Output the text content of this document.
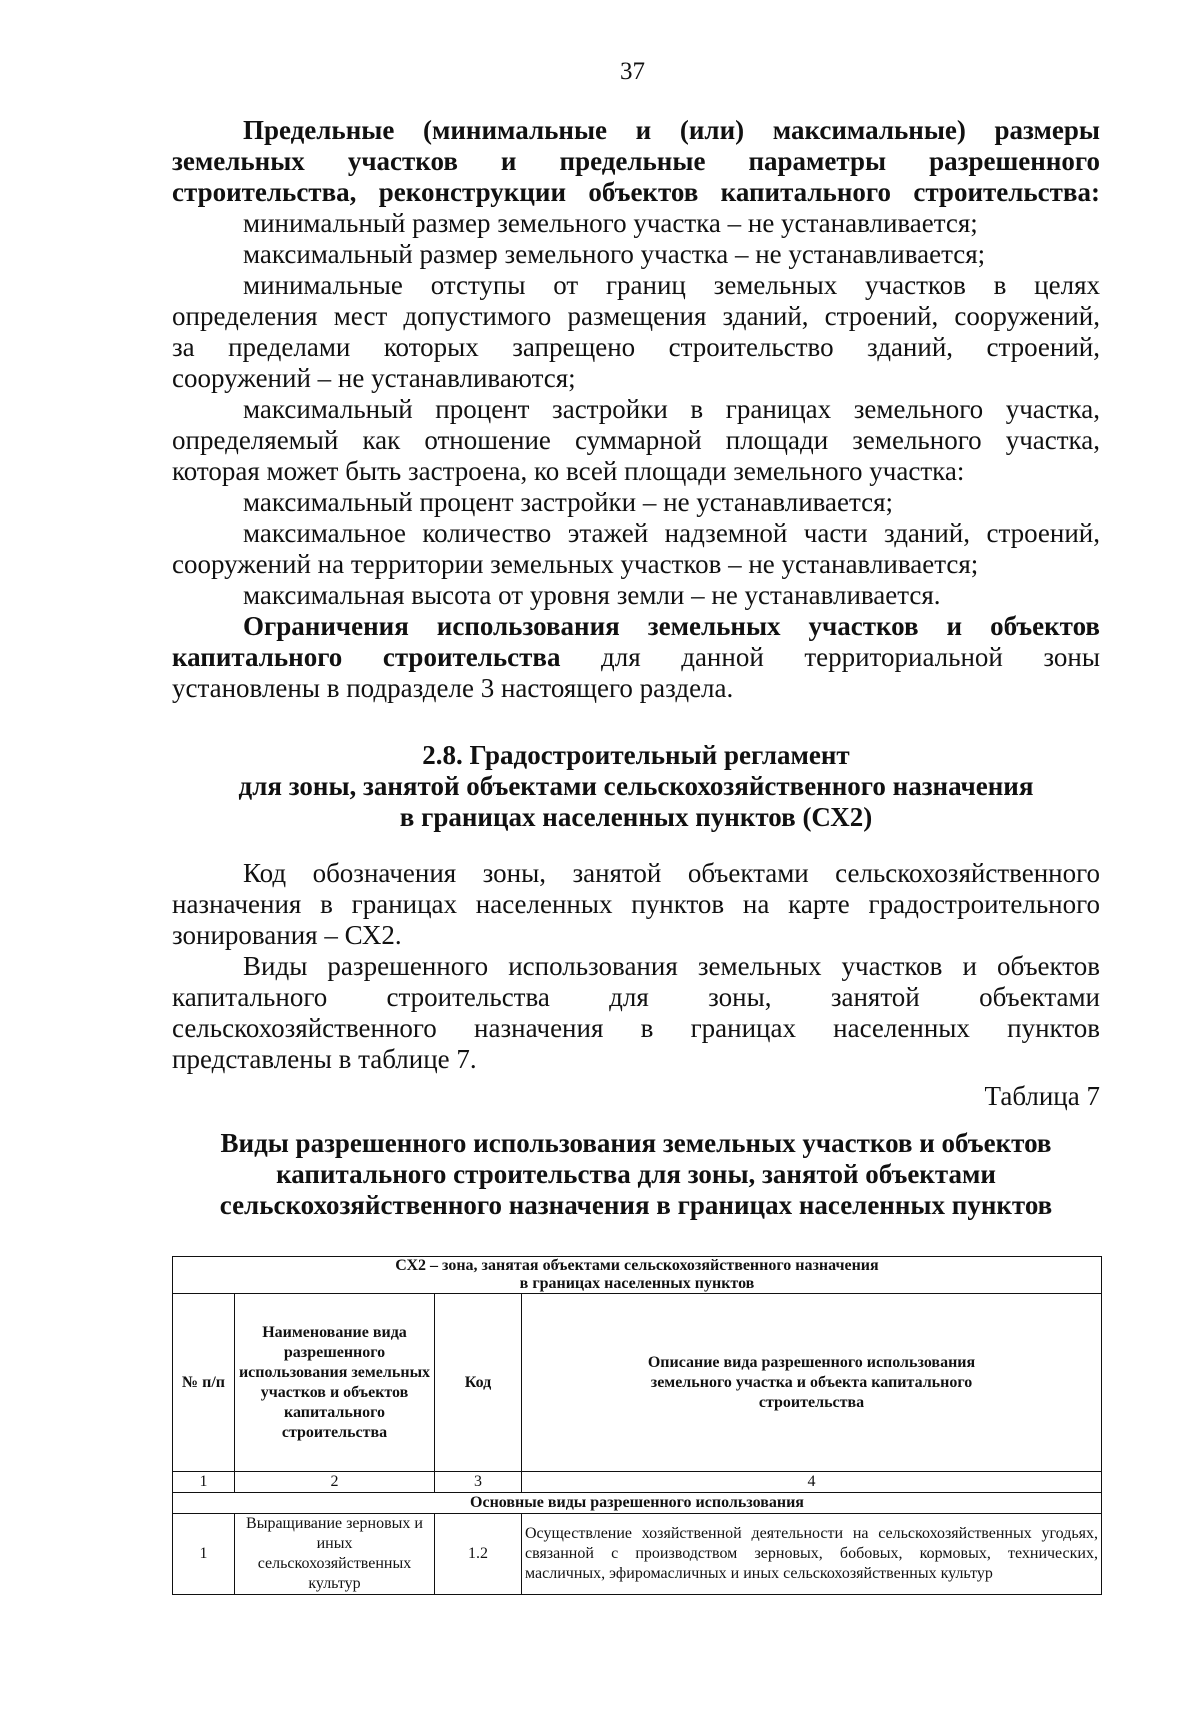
37

Предельные (минимальные и (или) максимальные) размеры

земельных участков и предельные параметры разрешенного

строительства, реконструкции объектов капитального строительства:

минимальный размер земельного участка – не устанавливается;

максимальный размер земельного участка – не устанавливается;

минимальные отступы от границ земельных участков в целях

определения мест допустимого размещения зданий, строений, сооружений,

за пределами которых запрещено строительство зданий, строений,

сооружений – не устанавливаются;

максимальный процент застройки в границах земельного участка,

определяемый как отношение суммарной площади земельного участка,

которая может быть застроена, ко всей площади земельного участка:

максимальный процент застройки – не устанавливается;

максимальное количество этажей надземной части зданий, строений,

сооружений на территории земельных участков – не устанавливается;

максимальная высота от уровня земли – не устанавливается.

Ограничения использования земельных участков и объектов

капитального строительства для данной территориальной зоны

установлены в подразделе 3 настоящего раздела.

2.8. Градостроительный регламент

для зоны, занятой объектами сельскохозяйственного назначения

в границах населенных пунктов (СХ2)

Код обозначения зоны, занятой объектами сельскохозяйственного

назначения в границах населенных пунктов на карте градостроительного

зонирования – СХ2.

Виды разрешенного использования земельных участков и объектов

капитального строительства для зоны, занятой объектами

сельскохозяйственного назначения в границах населенных пунктов

представлены в таблице 7.

Таблица 7

Виды разрешенного использования земельных участков и объектов

капитального строительства для зоны, занятой объектами

сельскохозяйственного назначения в границах населенных пунктов

СХ2 – зона, занятая объектами сельскохозяйственного назначения
в границах населенных пунктов			

№ п/п	Наименование вида разрешенного использования земельных участков и объектов капитального строительства	Код	Описание вида разрешенного использования земельного участка и объекта капитального строительства
1	2	3	4
Основные виды разрешенного использования			
1	Выращивание зерновых и иных сельскохозяйственных культур	1.2	Осуществление хозяйственной деятельности на сельскохозяйственных угодьях, связанной с производством зерновых, бобовых, кормовых, технических, масличных, эфиромасличных и иных сельскохозяйственных культур
